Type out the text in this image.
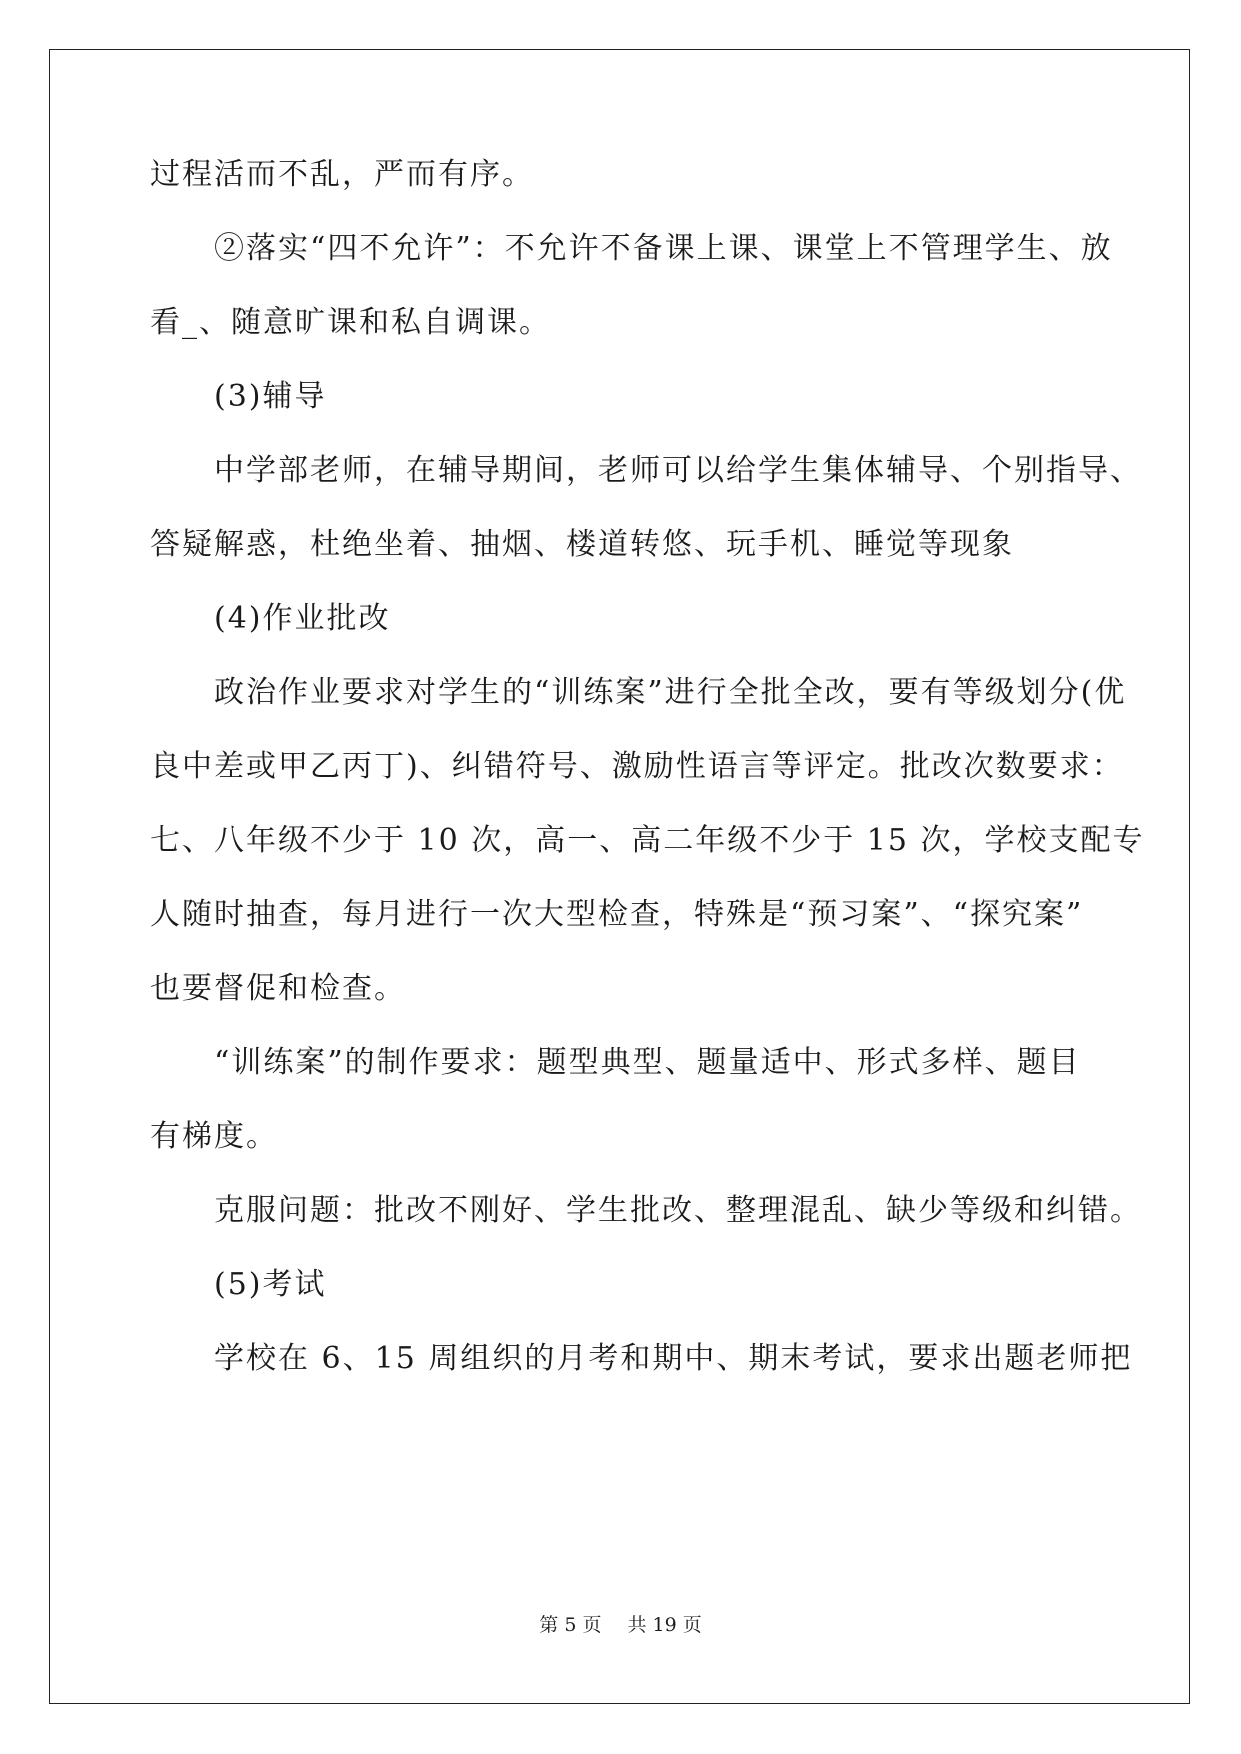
过程活而不乱，严而有序。
②落实“四不允许”：不允许不备课上课、课堂上不管理学生、放
看_、随意旷课和私自调课。
(3)辅导
中学部老师，在辅导期间，老师可以给学生集体辅导、个别指导、
答疑解惑，杜绝坐着、抽烟、楼道转悠、玩手机、睡觉等现象
(4)作业批改
政治作业要求对学生的“训练案”进行全批全改，要有等级划分(优
良中差或甲乙丙丁)、纠错符号、激励性语言等评定。批改次数要求：
七、八年级不少于 10 次，高一、高二年级不少于 15 次，学校支配专
人随时抽查，每月进行一次大型检查，特殊是“预习案”、“探究案”
也要督促和检查。
“训练案”的制作要求：题型典型、题量适中、形式多样、题目
有梯度。
克服问题：批改不刚好、学生批改、整理混乱、缺少等级和纠错。
(5)考试
学校在 6、15 周组织的月考和期中、期末考试，要求出题老师把
第 5 页 共 19 页
